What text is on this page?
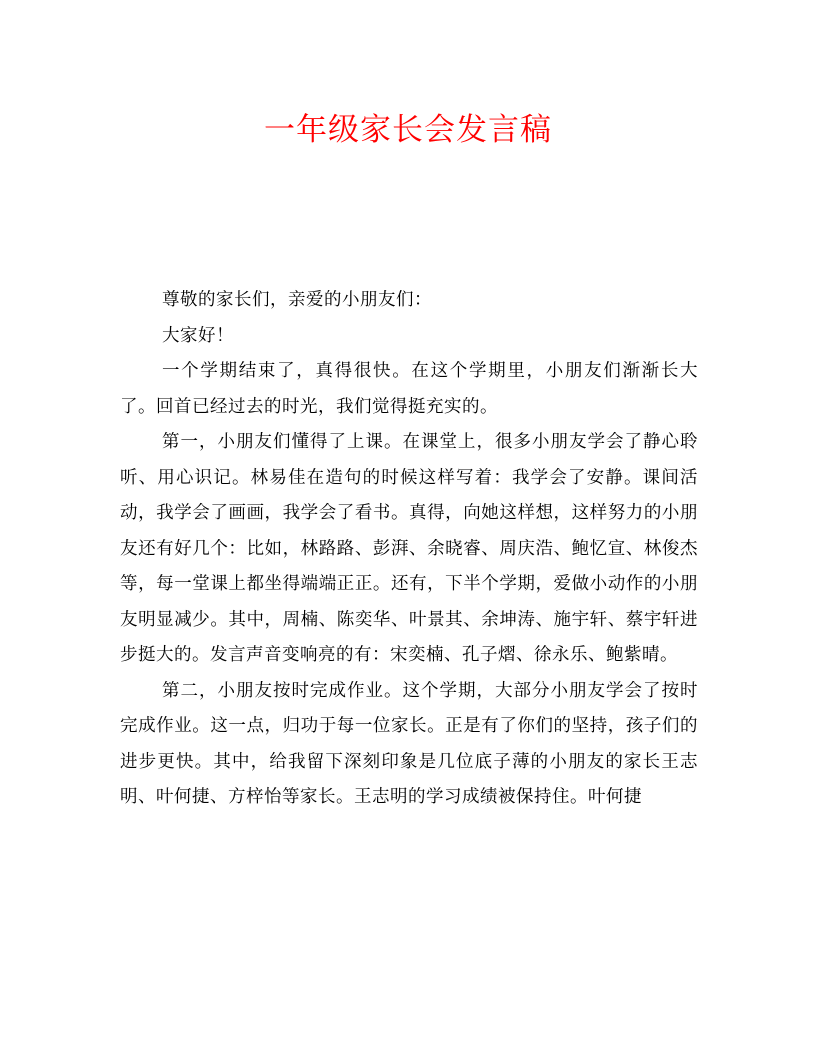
一年级家长会发言稿

尊敬的家长们，亲爱的小朋友们：

大家好！

一个学期结束了，真得很快。在这个学期里，小朋友们渐渐长大了。回首已经过去的时光，我们觉得挺充实的。

第一，小朋友们懂得了上课。在课堂上，很多小朋友学会了静心聆听、用心识记。林易佳在造句的时候这样写着：我学会了安静。课间活动，我学会了画画，我学会了看书。真得，向她这样想，这样努力的小朋友还有好几个：比如，林路路、彭湃、余晓睿、周庆浩、鲍忆宣、林俊杰等，每一堂课上都坐得端端正正。还有，下半个学期，爱做小动作的小朋友明显减少。其中，周楠、陈奕华、叶景其、余坤涛、施宇轩、蔡宇轩进步挺大的。发言声音变响亮的有：宋奕楠、孔子熠、徐永乐、鲍紫晴。

第二，小朋友按时完成作业。这个学期，大部分小朋友学会了按时完成作业。这一点，归功于每一位家长。正是有了你们的坚持，孩子们的进步更快。其中，给我留下深刻印象是几位底子薄的小朋友的家长王志明、叶何捷、方梓怡等家长。王志明的学习成绩被保持住。叶何捷
